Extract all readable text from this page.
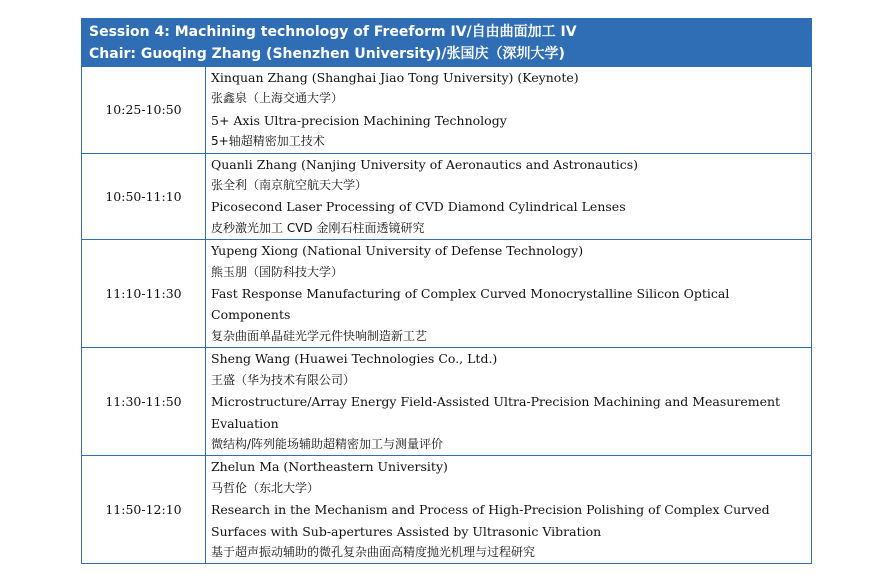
Session 4: Machining technology of Freeform IV/自由曲面加工 IV
Chair: Guoqing Zhang (Shenzhen University)/张国庆（深圳大学)
10:25-10:50	Xinquan Zhang (Shanghai Jiao Tong University) (Keynote)
张鑫泉（上海交通大学）
5+ Axis Ultra-precision Machining Technology
5+轴超精密加工技术

10:50-11:10	Quanli Zhang (Nanjing University of Aeronautics and Astronautics)
张全利（南京航空航天大学）
Picosecond Laser Processing of CVD Diamond Cylindrical Lenses
皮秒激光加工 CVD 金刚石柱面透镜研究

11:10-11:30	Yupeng Xiong (National University of Defense Technology)
熊玉朋（国防科技大学）
Fast Response Manufacturing of Complex Curved Monocrystalline Silicon Optical
Components
复杂曲面单晶硅光学元件快响制造新工艺

11:30-11:50	Sheng Wang (Huawei Technologies Co., Ltd.)
王盛（华为技术有限公司）
Microstructure/Array Energy Field-Assisted Ultra-Precision Machining and Measurement
Evaluation
微结构/阵列能场辅助超精密加工与测量评价

11:50-12:10	Zhelun Ma (Northeastern University)
马哲伦（东北大学）
Research in the Mechanism and Process of High-Precision Polishing of Complex Curved
Surfaces with Sub-apertures Assisted by Ultrasonic Vibration
基于超声振动辅助的微孔复杂曲面高精度抛光机理与过程研究
